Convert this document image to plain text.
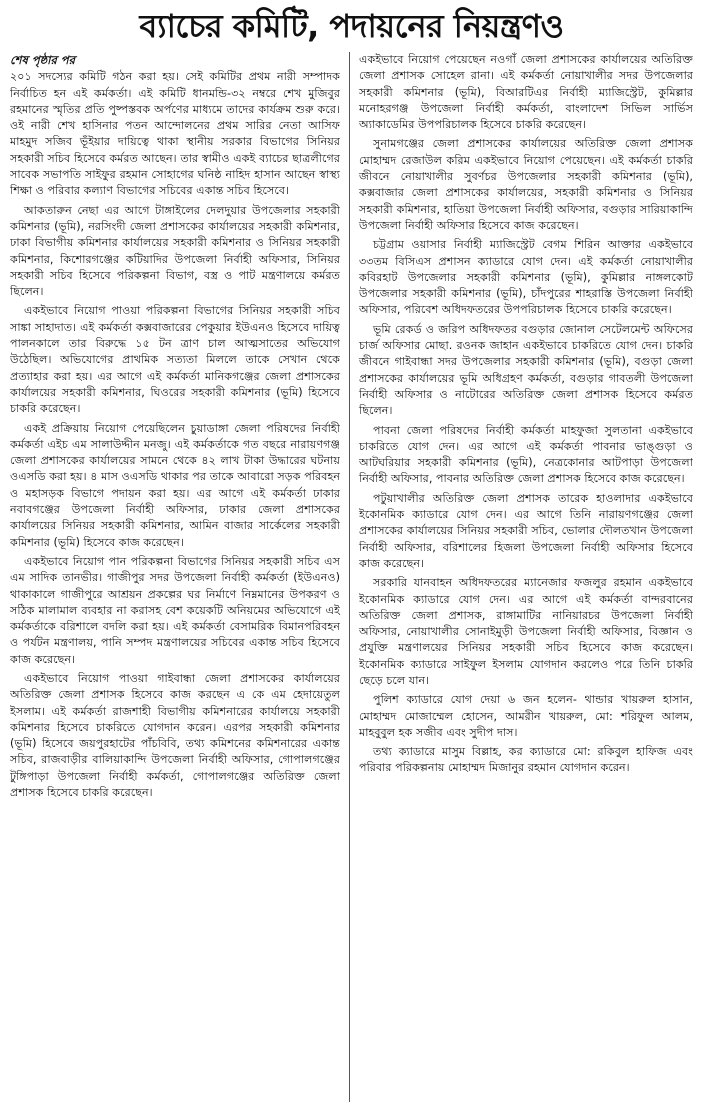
ব্যাচের কমিটি, পদায়নের নিয়ন্ত্রণও
শেষ পৃষ্ঠার পর

২০১ সদস্যের কমিটি গঠন করা হয়। সেই কমিটির প্রথম নারী সম্পাদক নির্বাচিত হন এই কর্মকর্তা। এই কমিটি ধানমন্ডি-৩২ নম্বরে শেখ মুজিবুর রহমানের স্মৃতির প্রতি পুষ্পস্তবক অর্পণের মাধ্যমে তাদের কার্যক্রম শুরু করে। ওই নারী শেখ হাসিনার পতন আন্দোলনের প্রথম সারির নেতা আসিফ মাহমুদ সজিব ভূঁইয়ার দায়িত্বে থাকা স্থানীয় সরকার বিভাগের সিনিয়র সহকারী সচিব হিসেবে কর্মরত আছেন। তার স্বামীও একই ব্যাচের ছাত্রলীগের সাবেক সভাপতি সাইফুর রহমান সোহাগের ঘনিষ্ঠ নাহিদ হাসান আছেন স্বাস্থ্য শিক্ষা ও পরিবার কল্যাণ বিভাগের সচিবের একান্ত সচিব হিসেবে।

আকতারুন নেছা এর আগে টাঙ্গাইলের দেলদুয়ার উপজেলার সহকারী কমিশনার (ভূমি), নরসিংদী জেলা প্রশাসকের কার্যালয়ের সহকারী কমিশনার, ঢাকা বিভাগীয় কমিশনার কার্যালয়ের সহকারী কমিশনার ও সিনিয়র সহকারী কমিশনার, কিশোরগঞ্জের কটিয়াদির উপজেলা নির্বাহী অফিসার, সিনিয়র সহকারী সচিব হিসেবে পরিকল্পনা বিভাগ, বস্ত্র ও পাট মন্ত্রণালয়ে কর্মরত ছিলেন।

একইভাবে নিয়োগ পাওয়া পরিকল্পনা বিভাগের সিনিয়র সহকারী সচিব সাঙ্কা সাহাদাত। এই কর্মকর্তা কক্সবাজারের পেকুয়ার ইউএনও হিসেবে দায়িত্ব পালনকালে তার বিরুদ্ধে ১৫ টন ত্রাণ চাল আত্মসাতের অভিযোগ উঠেছিল। অভিযোগের প্রাথমিক সত্যতা মিললে তাকে সেখান থেকে প্রত্যাহার করা হয়। এর আগে এই কর্মকর্তা মানিকগঞ্জের জেলা প্রশাসকের কার্যালয়ের সহকারী কমিশনার, ঘিওরের সহকারী কমিশনার (ভূমি) হিসেবে চাকরি করেছেন।

একই প্রক্রিয়ায় নিয়োগ পেয়েছিলেন চুয়াডাঙ্গা জেলা পরিষদের নির্বাহী কর্মকর্তা এইচ এম সালাউদ্দীন মনজু। এই কর্মকর্তাকে গত বছরে নারায়ণগঞ্জ জেলা প্রশাসকের কার্যালয়ের সামনে থেকে ৪২ লাখ টাকা উদ্ধারের ঘটনায় ওএসডি করা হয়। ৪ মাস ওএসডি থাকার পর তাকে আবারো সড়ক পরিবহন ও মহাসড়ক বিভাগে পদায়ন করা হয়। এর আগে এই কর্মকর্তা ঢাকার নবাবগঞ্জের উপজেলা নির্বাহী অফিসার, ঢাকার জেলা প্রশাসকের কার্যালয়ের সিনিয়র সহকারী কমিশনার, আমিন বাজার সার্কেলের সহকারী কমিশনার (ভূমি) হিসেবে কাজ করেছেন।

একইভাবে নিয়োগ পান পরিকল্পনা বিভাগের সিনিয়র সহকারী সচিব এস এম সাদিক তানভীর। গাজীপুর সদর উপজেলা নির্বাহী কর্মকর্তা (ইউএনও) থাকাকালে গাজীপুরে আশ্রয়ন প্রকল্পের ঘর নির্মাণে নিম্নমানের উপকরণ ও সঠিক মালামাল ব্যবহার না করাসহ বেশ কয়েকটি অনিয়মের অভিযোগে এই কর্মকর্তাকে বরিশালে বদলি করা হয়। এই কর্মকর্তা বেসামরিক বিমানপরিবহন ও পর্যটন মন্ত্রণালয়, পানি সম্পদ মন্ত্রণালয়ের সচিবের একান্ত সচিব হিসেবে কাজ করেছেন।

একইভাবে নিয়োগ পাওয়া গাইবান্ধা জেলা প্রশাসকের কার্যালয়ের অতিরিক্ত জেলা প্রশাসক হিসেবে কাজ করছেন এ কে এম হেদায়েতুল ইসলাম। এই কর্মকর্তা রাজশাহী বিভাগীয় কমিশনারের কার্যালয়ে সহকারী কমিশনার হিসেবে চাকরিতে যোগদান করেন। এরপর সহকারী কমিশনার (ভূমি) হিসেবে জয়পুরহাটের পাঁচবিবি, তথ্য কমিশনের কমিশনারের একান্ত সচিব, রাজবাড়ীর বালিয়াকান্দি উপজেলা নির্বাহী অফিসার, গোপালগঞ্জের টুঙ্গিপাড়া উপজেলা নির্বাহী কর্মকর্তা, গোপালগঞ্জের অতিরিক্ত জেলা প্রশাসক হিসেবে চাকরি করেছেন।

একইভাবে নিয়োগ পেয়েছেন নওগাঁ জেলা প্রশাসকের কার্যালয়ের অতিরিক্ত জেলা প্রশাসক সোহেল রানা। এই কর্মকর্তা নোয়াখালীর সদর উপজেলার সহকারী কমিশনার (ভূমি), বিআরটিএর নির্বাহী ম্যাজিস্ট্রেট, কুমিল্লার মনোহরগঞ্জ উপজেলা নির্বাহী কর্মকর্তা, বাংলাদেশ সিভিল সার্ভিস অ্যাকাডেমির উপপরিচালক হিসেবে চাকরি করেছেন।

সুনামগঞ্জের জেলা প্রশাসকের কার্যালয়ের অতিরিক্ত জেলা প্রশাসক মোহাম্মদ রেজাউল করিম একইভাবে নিয়োগ পেয়েছেন। এই কর্মকর্তা চাকরি জীবনে নোয়াখালীর সুবর্ণচর উপজেলার সহকারী কমিশনার (ভূমি), কক্সবাজার জেলা প্রশাসকের কার্যালয়ের, সহকারী কমিশনার ও সিনিয়র সহকারী কমিশনার, হাতিয়া উপজেলা নির্বাহী অফিসার, বগুড়ার সারিয়াকান্দি উপজেলা নির্বাহী অফিসার হিসেবে কাজ করেছেন।

চট্টগ্রাম ওয়াসার নির্বাহী ম্যাজিস্ট্রেট বেগম শিরিন আক্তার একইভাবে ৩৩তম বিসিএস প্রশাসন ক্যাডারে যোগ দেন। এই কর্মকর্তা নোয়াখালীর কবিরহাট উপজেলার সহকারী কমিশনার (ভূমি), কুমিল্লার নাঙ্গলকোট উপজেলার সহকারী কমিশনার (ভূমি), চাঁদপুরের শাহরাস্তি উপজেলা নির্বাহী অফিসার, পরিবেশ অধিদফতরের উপপরিচালক হিসেবে চাকরি করেছেন।

ভূমি রেকর্ড ও জরিপ অধিদফতর বগুড়ার জোনাল সেটেলমেন্ট অফিসের চার্জ অফিসার মোছা. রওনক জাহান একইভাবে চাকরিতে যোগ দেন। চাকরি জীবনে গাইবান্ধা সদর উপজেলার সহকারী কমিশনার (ভূমি), বগুড়া জেলা প্রশাসকের কার্যালয়ের ভূমি অধিগ্রহণ কর্মকর্তা, বগুড়ার গাবতলী উপজেলা নির্বাহী অফিসার ও নাটোরের অতিরিক্ত জেলা প্রশাসক হিসেবে কর্মরত ছিলেন।

পাবনা জেলা পরিষদের নির্বাহী কর্মকর্তা মাহফুজা সুলতানা একইভাবে চাকরিতে যোগ দেন। এর আগে এই কর্মকর্তা পাবনার ভাঙ্গুড়া ও আটঘরিয়ার সহকারী কমিশনার (ভূমি), নেত্রকোনার আটপাড়া উপজেলা নির্বাহী অফিসার, পাবনার অতিরিক্ত জেলা প্রশাসক হিসেবে কাজ করেছেন।

পটুয়াখালীর অতিরিক্ত জেলা প্রশাসক তারেক হাওলাদার একইভাবে ইকোনমিক ক্যাডারে যোগ দেন। এর আগে তিনি নারায়ণগঞ্জের জেলা প্রশাসকের কার্যালয়ের সিনিয়র সহকারী সচিব, ভোলার দৌলতখান উপজেলা নির্বাহী অফিসার, বরিশালের হিজলা উপজেলা নির্বাহী অফিসার হিসেবে কাজ করেছেন।

সরকারি যানবাহন অধিদফতরের ম্যানেজার ফজলুর রহমান একইভাবে ইকোনমিক ক্যাডারে যোগ দেন। এর আগে এই কর্মকর্তা বান্দরবানের অতিরিক্ত জেলা প্রশাসক, রাঙ্গামাটির নানিয়ারচর উপজেলা নির্বাহী অফিসার, নোয়াখালীর সোনাইমুড়ী উপজেলা নির্বাহী অফিসার, বিজ্ঞান ও প্রযুক্তি মন্ত্রণালয়ের সিনিয়র সহকারী সচিব হিসেবে কাজ করেছেন। ইকোনমিক ক্যাডারে সাইফুল ইসলাম যোগদান করলেও পরে তিনি চাকরি ছেড়ে চলে যান।

পুলিশ ক্যাডারে যোগ দেয়া ৬ জন হলেন- থান্ডার খায়রুল হাসান, মোহাম্মদ মোজাম্মেল হোসেন, আমরীন খায়রুল, মো: শরিফুল আলম, মাহবুবুল হক সজীব এবং সুদীপ দাস।

তথ্য ক্যাডারে মাসুম বিল্লাহ, কর ক্যাডারে মো: রকিবুল হাফিজ এবং পরিবার পরিকল্পনায় মোহাম্মদ মিজানুর রহমান যোগদান করেন।
